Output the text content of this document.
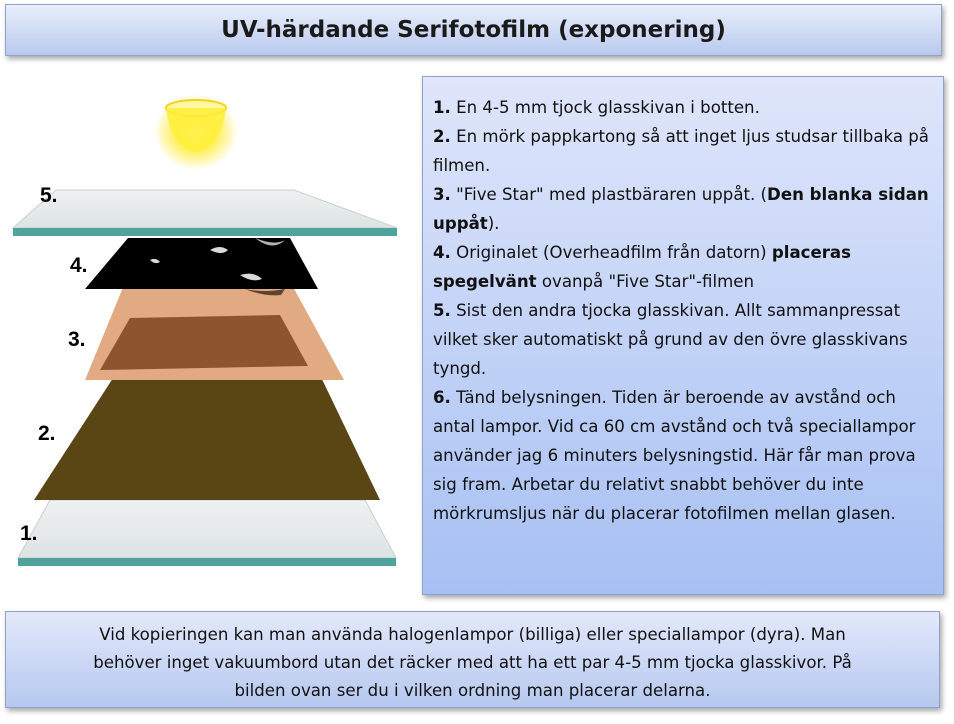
UV-härdande Serifotofilm (exponering)
5.
4.
3.
2.
1.

1. En 4-5 mm tjock glasskivan i botten.

2. En mörk pappkartong så att inget ljus studsar tillbaka på filmen.

3. "Five Star" med plastbäraren uppåt. (Den blanka sidan uppåt).

4. Originalet (Overheadfilm från datorn) placeras spegelvänt ovanpå "Five Star"-filmen

5. Sist den andra tjocka glasskivan. Allt sammanpressat vilket sker automatiskt på grund av den övre glasskivans tyngd.

6. Tänd belysningen. Tiden är beroende av avstånd och antal lampor. Vid ca 60 cm avstånd och två speciallampor använder jag 6 minuters belysningstid. Här får man prova sig fram. Arbetar du relativt snabbt behöver du inte mörkrumsljus när du placerar fotofilmen mellan glasen.

Vid kopieringen kan man använda halogenlampor (billiga) eller speciallampor (dyra). Man

behöver inget vakuumbord utan det räcker med att ha ett par 4-5 mm tjocka glasskivor. På

bilden ovan ser du i vilken ordning man placerar delarna.
